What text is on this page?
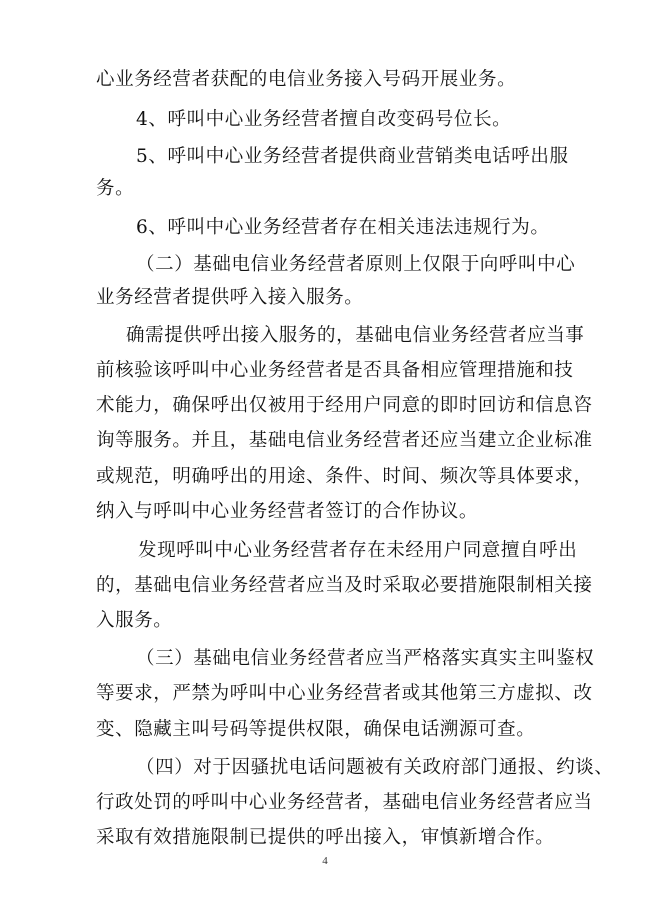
心业务经营者获配的电信业务接入号码开展业务。
4、呼叫中心业务经营者擅自改变码号位长。
5、呼叫中心业务经营者提供商业营销类电话呼出服
务。
6、呼叫中心业务经营者存在相关违法违规行为。
（二）基础电信业务经营者原则上仅限于向呼叫中心
业务经营者提供呼入接入服务。
确需提供呼出接入服务的，基础电信业务经营者应当事
前核验该呼叫中心业务经营者是否具备相应管理措施和技
术能力，确保呼出仅被用于经用户同意的即时回访和信息咨
询等服务。并且，基础电信业务经营者还应当建立企业标准
或规范，明确呼出的用途、条件、时间、频次等具体要求，
纳入与呼叫中心业务经营者签订的合作协议。
发现呼叫中心业务经营者存在未经用户同意擅自呼出
的，基础电信业务经营者应当及时采取必要措施限制相关接
入服务。
（三）基础电信业务经营者应当严格落实真实主叫鉴权
等要求，严禁为呼叫中心业务经营者或其他第三方虚拟、改
变、隐藏主叫号码等提供权限，确保电话溯源可查。
（四）对于因骚扰电话问题被有关政府部门通报、约谈、
行政处罚的呼叫中心业务经营者，基础电信业务经营者应当
采取有效措施限制已提供的呼出接入，审慎新增合作。
4
